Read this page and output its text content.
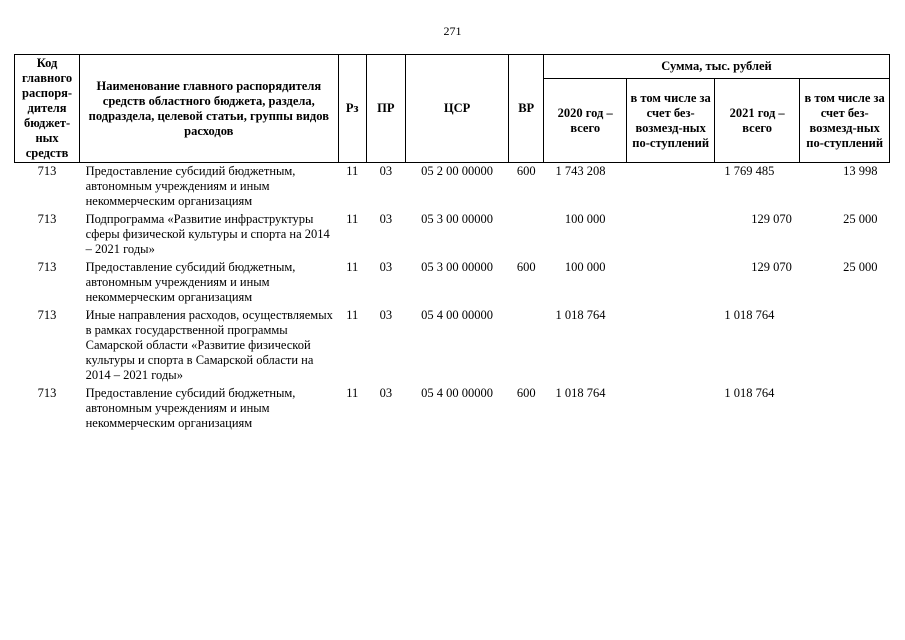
271
Код главного распоря-дителя бюджет-ных средств	Наименование главного распорядителя средств областного бюджета, раздела, подраздела, целевой статьи, группы видов расходов	Рз	ПР	ЦСР	ВР	Сумма, тыс. рублей			
						2020 год – всего	в том числе за счет без-возмезд-ных по-ступлений	2021 год – всего	в том числе за счет без-возмезд-ных по-ступлений
713	Предоставление субсидий бюджетным, автономным учреждениям и иным некоммерческим организациям	11	03	05 2 00 00000	600	1 743 208		1 769 485	13 998
713	Подпрограмма «Развитие инфраструктуры сферы физической культуры и спорта на 2014 – 2021 годы»	11	03	05 3 00 00000		100 000		129 070	25 000
713	Предоставление субсидий бюджетным, автономным учреждениям и иным некоммерческим организациям	11	03	05 3 00 00000	600	100 000		129 070	25 000
713	Иные направления расходов, осуществляемых в рамках государственной программы Самарской области «Развитие физической культуры и спорта в Самарской области на 2014 – 2021 годы»	11	03	05 4 00 00000		1 018 764		1 018 764	
713	Предоставление субсидий бюджетным, автономным учреждениям и иным некоммерческим организациям	11	03	05 4 00 00000	600	1 018 764		1 018 764	
